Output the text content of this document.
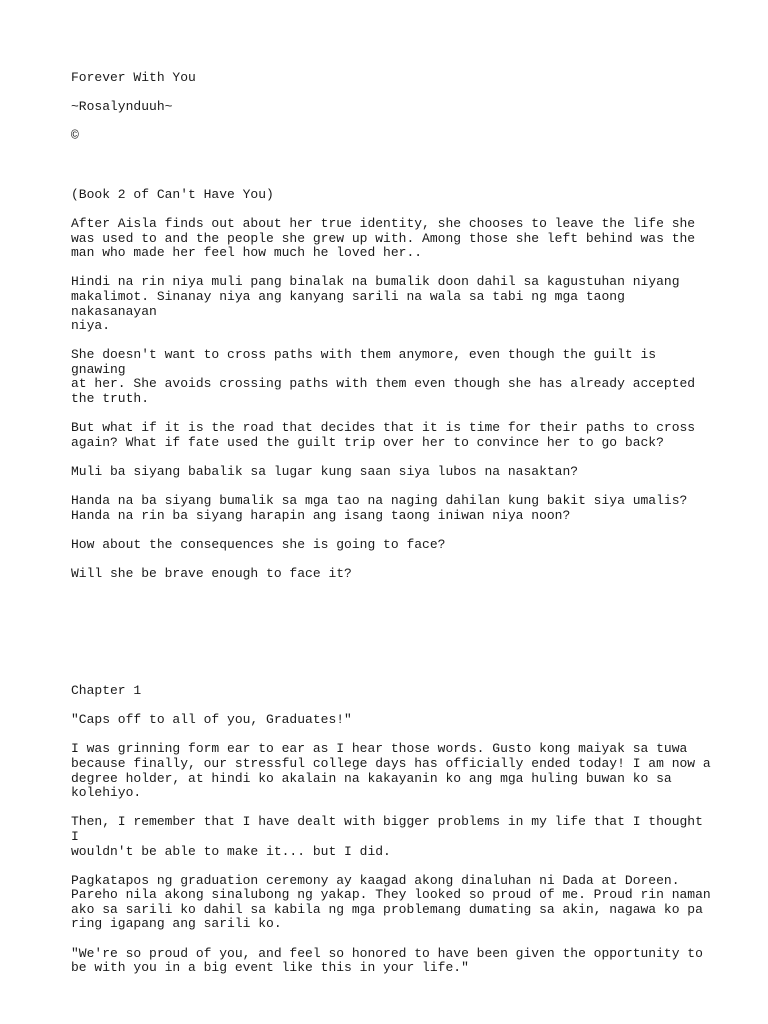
Forever With You

~Rosalynduuh~

©

(Book 2 of Can't Have You)

After Aisla finds out about her true identity, she chooses to leave the life she
was used to and the people she grew up with. Among those she left behind was the
man who made her feel how much he loved her..

Hindi na rin niya muli pang binalak na bumalik doon dahil sa kagustuhan niyang
makalimot. Sinanay niya ang kanyang sarili na wala sa tabi ng mga taong nakasanayan
niya.

She doesn't want to cross paths with them anymore, even though the guilt is gnawing
at her. She avoids crossing paths with them even though she has already accepted
the truth.

But what if it is the road that decides that it is time for their paths to cross
again? What if fate used the guilt trip over her to convince her to go back?

Muli ba siyang babalik sa lugar kung saan siya lubos na nasaktan?

Handa na ba siyang bumalik sa mga tao na naging dahilan kung bakit siya umalis?
Handa na rin ba siyang harapin ang isang taong iniwan niya noon?

How about the consequences she is going to face?

Will she be brave enough to face it?

Chapter 1

"Caps off to all of you, Graduates!"

I was grinning form ear to ear as I hear those words. Gusto kong maiyak sa tuwa
because finally, our stressful college days has officially ended today! I am now a
degree holder, at hindi ko akalain na kakayanin ko ang mga huling buwan ko sa
kolehiyo.

Then, I remember that I have dealt with bigger problems in my life that I thought I
wouldn't be able to make it... but I did.

Pagkatapos ng graduation ceremony ay kaagad akong dinaluhan ni Dada at Doreen.
Pareho nila akong sinalubong ng yakap. They looked so proud of me. Proud rin naman
ako sa sarili ko dahil sa kabila ng mga problemang dumating sa akin, nagawa ko pa
ring igapang ang sarili ko.

"We're so proud of you, and feel so honored to have been given the opportunity to
be with you in a big event like this in your life."
